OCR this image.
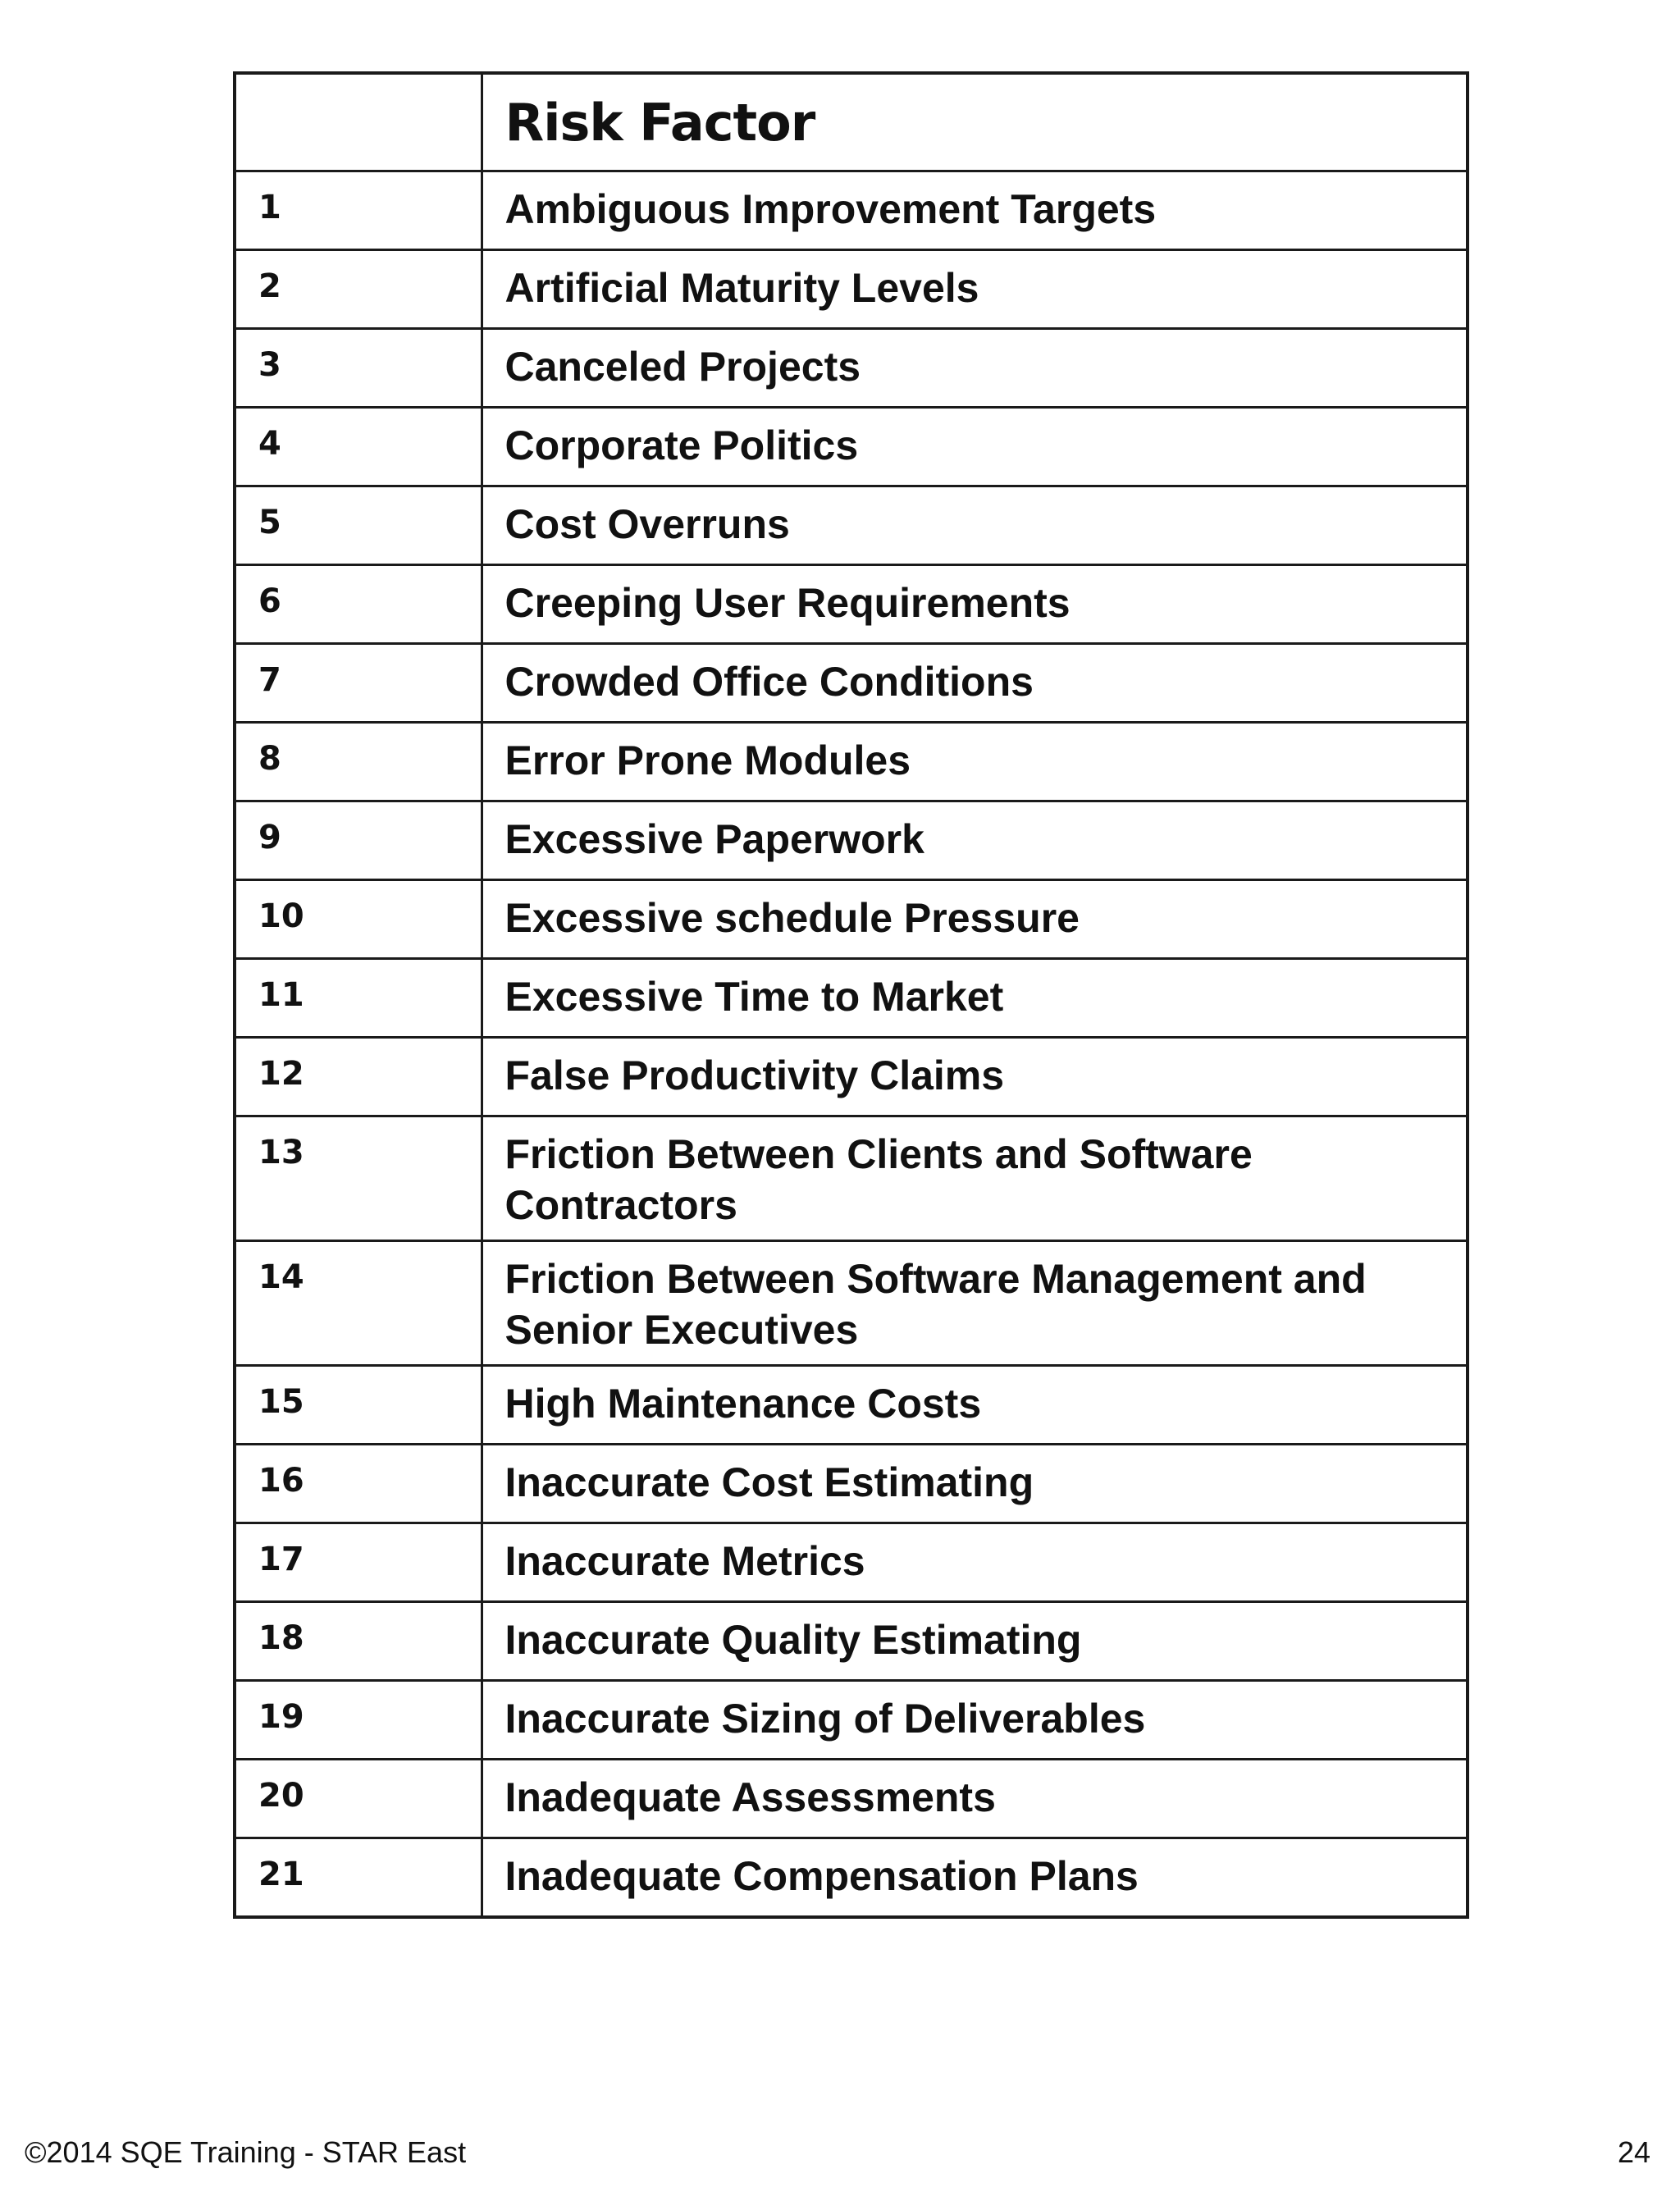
	Risk Factor

1	Ambiguous Improvement Targets
2	Artificial Maturity Levels
3	Canceled Projects
4	Corporate Politics
5	Cost Overruns
6	Creeping User Requirements
7	Crowded Office Conditions
8	Error Prone Modules
9	Excessive Paperwork
10	Excessive schedule Pressure
11	Excessive Time to Market
12	False Productivity Claims
13	Friction Between Clients and Software Contractors
14	Friction Between Software Management and Senior Executives
15	High Maintenance Costs
16	Inaccurate Cost Estimating
17	Inaccurate Metrics
18	Inaccurate Quality Estimating
19	Inaccurate Sizing of Deliverables
20	Inadequate Assessments
21	Inadequate Compensation Plans
©2014 SQE Training - STAR East	24
